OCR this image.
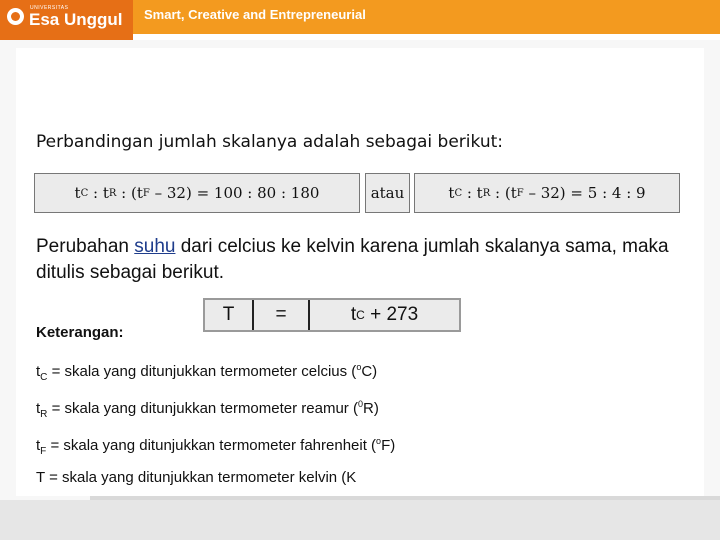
UNIVERSITAS
Esa Unggul Smart, Creative and Entrepreneurial
Perbandingan jumlah skalanya adalah sebagai berikut:
t C : t R : (t F – 32) = 100 : 80 : 180	atau	t C : t R : (t F – 32) = 5 : 4 : 9

Perubahan suhu dari celcius ke kelvin karena jumlah skalanya sama, maka ditulis sebagai berikut.

T	=	t C + 273
Keterangan:
$t_C$ = skala yang ditunjukkan termometer celcius ($^o$C)
$t_R$ = skala yang ditunjukkan termometer reamur ($^0$R)
$t_F$ = skala yang ditunjukkan termometer fahrenheit ($^o$F)
T = skala yang ditunjukkan termometer kelvin (K
